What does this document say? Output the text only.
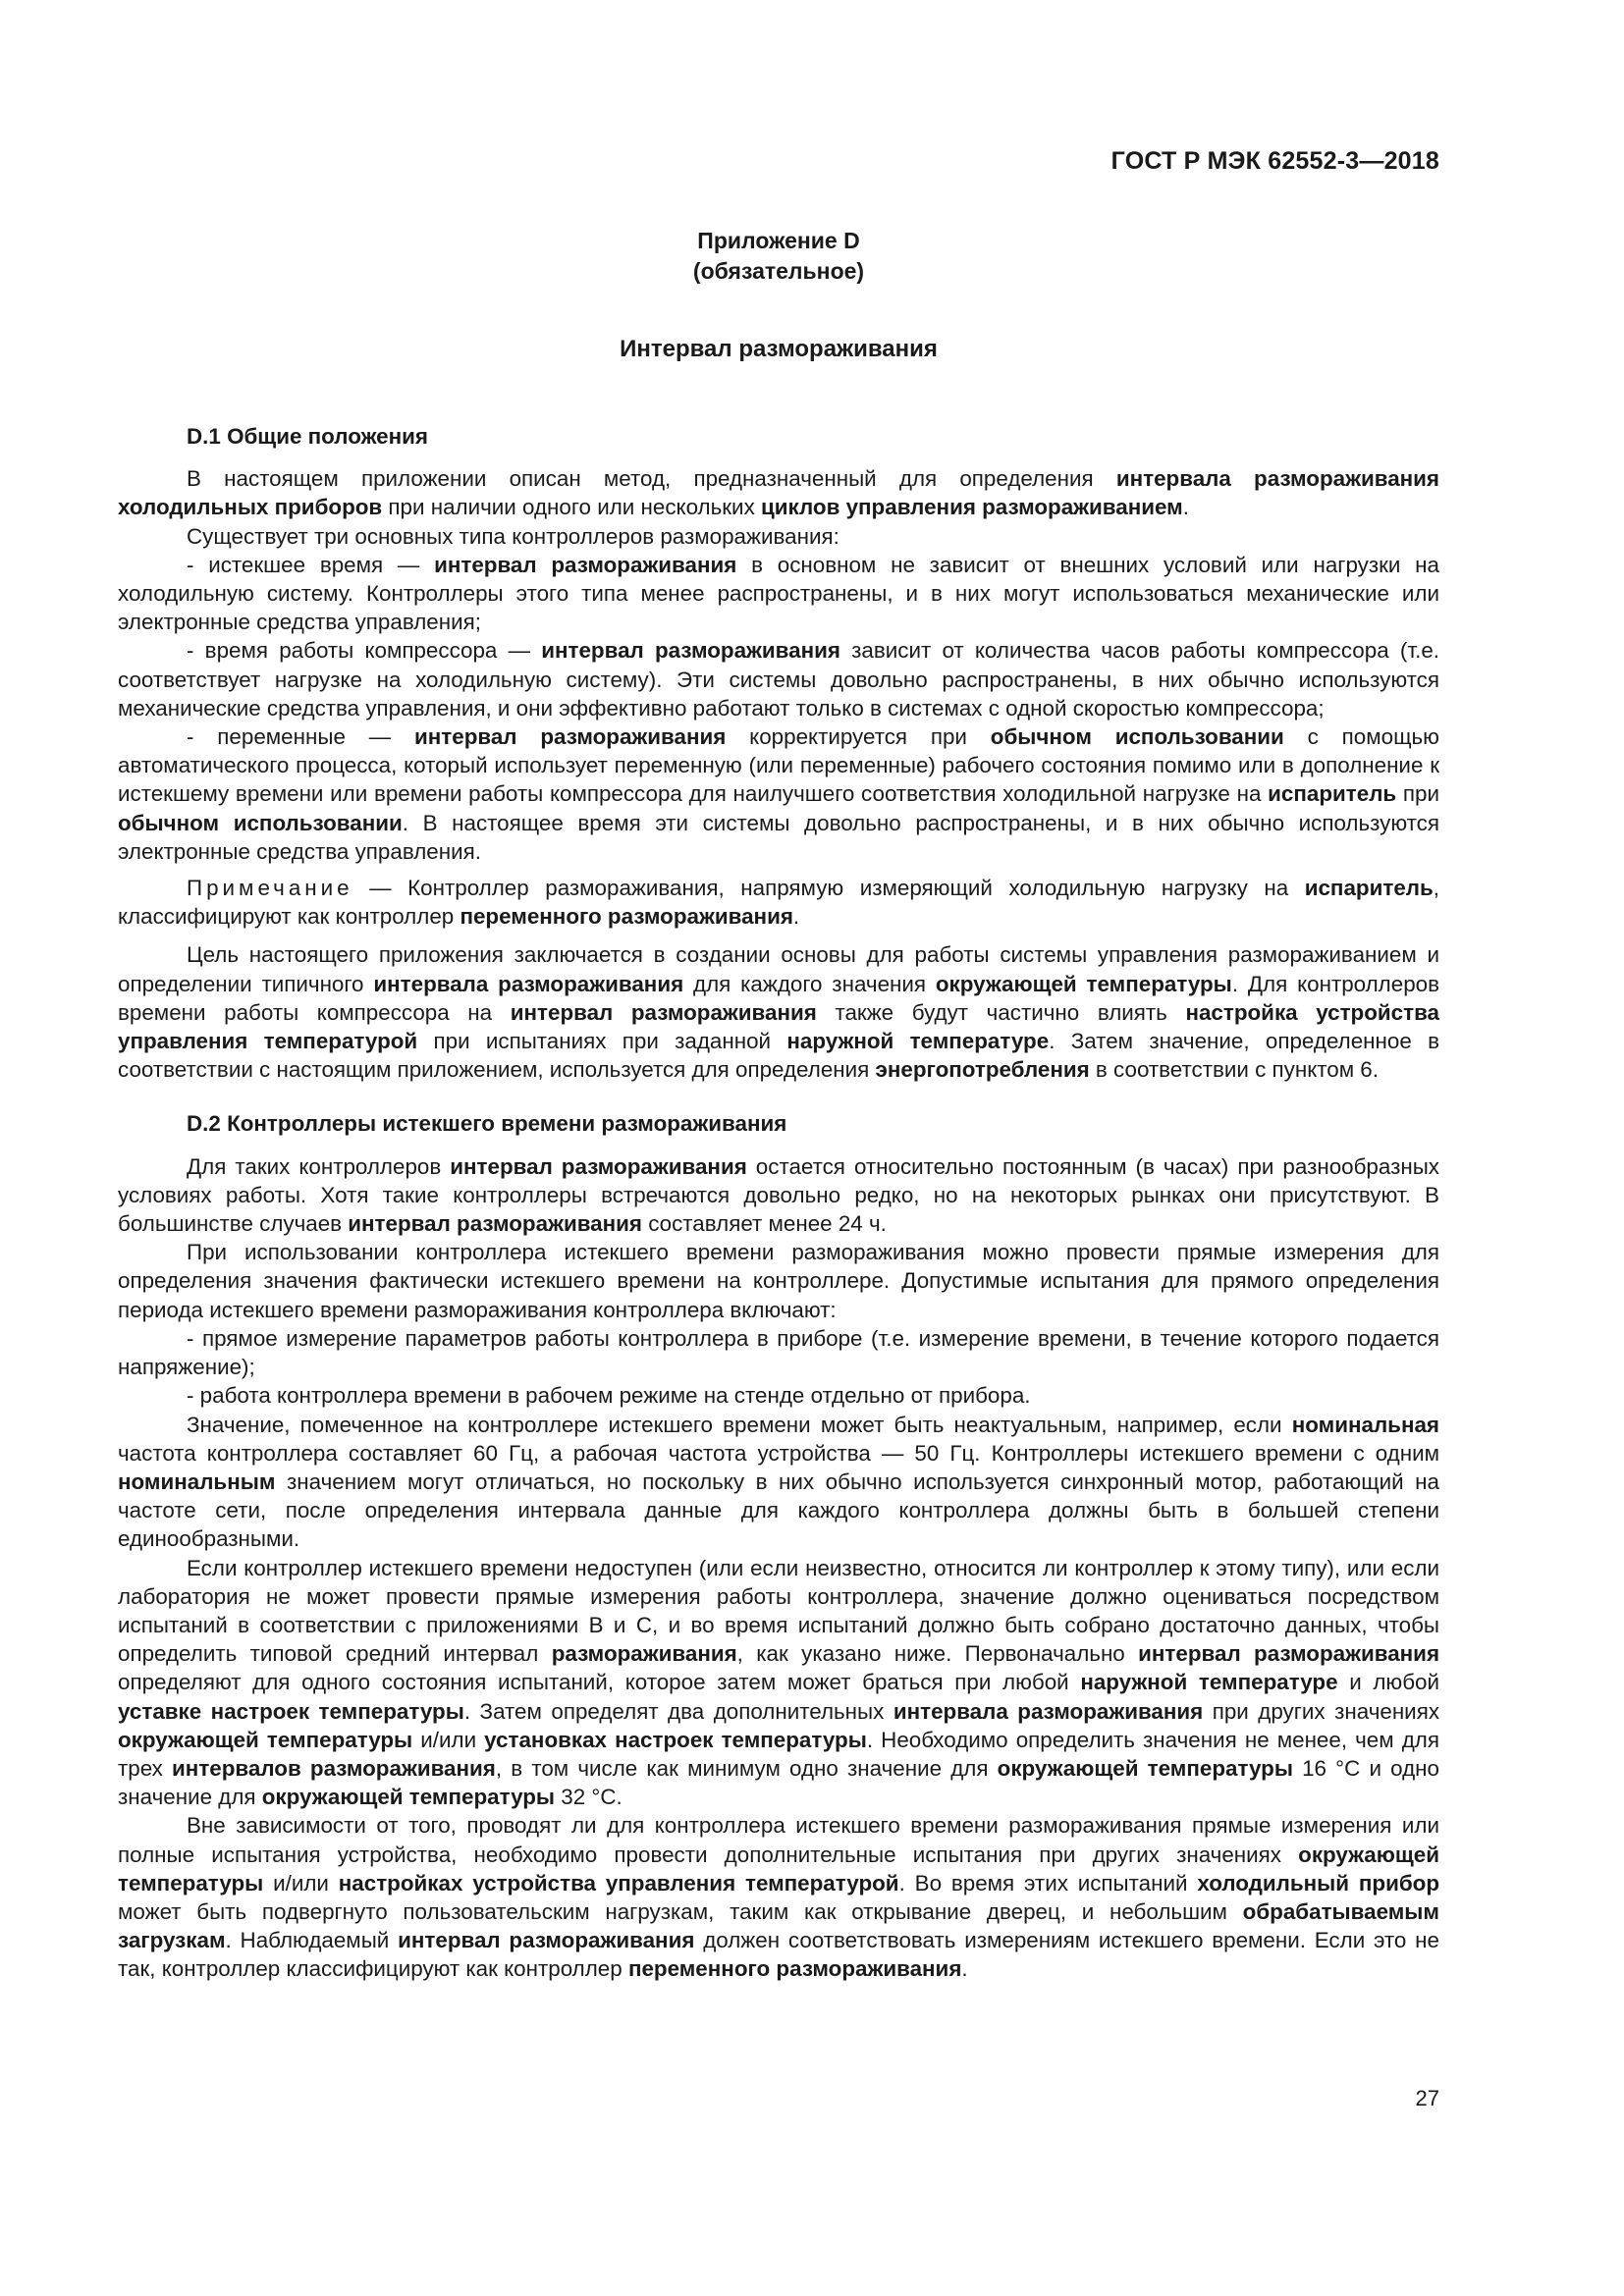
ГОСТ Р МЭК 62552-3—2018
Приложение D
(обязательное)
Интервал размораживания
D.1 Общие положения

В настоящем приложении описан метод, предназначенный для определения интервала размораживания холодильных приборов при наличии одного или нескольких циклов управления размораживанием.

Существует три основных типа контроллеров размораживания:

- истекшее время — интервал размораживания в основном не зависит от внешних условий или нагрузки на холодильную систему. Контроллеры этого типа менее распространены, и в них могут использоваться механические или электронные средства управления;

- время работы компрессора — интервал размораживания зависит от количества часов работы компрессора (т.е. соответствует нагрузке на холодильную систему). Эти системы довольно распространены, в них обычно используются механические средства управления, и они эффективно работают только в системах с одной скоростью компрессора;

- переменные — интервал размораживания корректируется при обычном использовании с помощью автоматического процесса, который использует переменную (или переменные) рабочего состояния помимо или в дополнение к истекшему времени или времени работы компрессора для наилучшего соответствия холодильной нагрузке на испаритель при обычном использовании. В настоящее время эти системы довольно распространены, и в них обычно используются электронные средства управления.

Примечание — Контроллер размораживания, напрямую измеряющий холодильную нагрузку на испаритель, классифицируют как контроллер переменного размораживания.

Цель настоящего приложения заключается в создании основы для работы системы управления размораживанием и определении типичного интервала размораживания для каждого значения окружающей температуры. Для контроллеров времени работы компрессора на интервал размораживания также будут частично влиять настройка устройства управления температурой при испытаниях при заданной наружной температуре. Затем значение, определенное в соответствии с настоящим приложением, используется для определения энергопотребления в соответствии с пунктом 6.

D.2 Контроллеры истекшего времени размораживания

Для таких контроллеров интервал размораживания остается относительно постоянным (в часах) при разнообразных условиях работы. Хотя такие контроллеры встречаются довольно редко, но на некоторых рынках они присутствуют. В большинстве случаев интервал размораживания составляет менее 24 ч.

При использовании контроллера истекшего времени размораживания можно провести прямые измерения для определения значения фактически истекшего времени на контроллере. Допустимые испытания для прямого определения периода истекшего времени размораживания контроллера включают:

- прямое измерение параметров работы контроллера в приборе (т.е. измерение времени, в течение которого подается напряжение);

- работа контроллера времени в рабочем режиме на стенде отдельно от прибора.

Значение, помеченное на контроллере истекшего времени может быть неактуальным, например, если номинальная частота контроллера составляет 60 Гц, а рабочая частота устройства — 50 Гц. Контроллеры истекшего времени с одним номинальным значением могут отличаться, но поскольку в них обычно используется синхронный мотор, работающий на частоте сети, после определения интервала данные для каждого контроллера должны быть в большей степени единообразными.

Если контроллер истекшего времени недоступен (или если неизвестно, относится ли контроллер к этому типу), или если лаборатория не может провести прямые измерения работы контроллера, значение должно оцениваться посредством испытаний в соответствии с приложениями B и C, и во время испытаний должно быть собрано достаточно данных, чтобы определить типовой средний интервал размораживания, как указано ниже. Первоначально интервал размораживания определяют для одного состояния испытаний, которое затем может браться при любой наружной температуре и любой уставке настроек температуры. Затем определят два дополнительных интервала размораживания при других значениях окружающей температуры и/или установках настроек температуры. Необходимо определить значения не менее, чем для трех интервалов размораживания, в том числе как минимум одно значение для окружающей температуры 16 °С и одно значение для окружающей температуры 32 °С.

Вне зависимости от того, проводят ли для контроллера истекшего времени размораживания прямые измерения или полные испытания устройства, необходимо провести дополнительные испытания при других значениях окружающей температуры и/или настройках устройства управления температурой. Во время этих испытаний холодильный прибор может быть подвергнуто пользовательским нагрузкам, таким как открывание дверец, и небольшим обрабатываемым загрузкам. Наблюдаемый интервал размораживания должен соответствовать измерениям истекшего времени. Если это не так, контроллер классифицируют как контроллер переменного размораживания.

27
